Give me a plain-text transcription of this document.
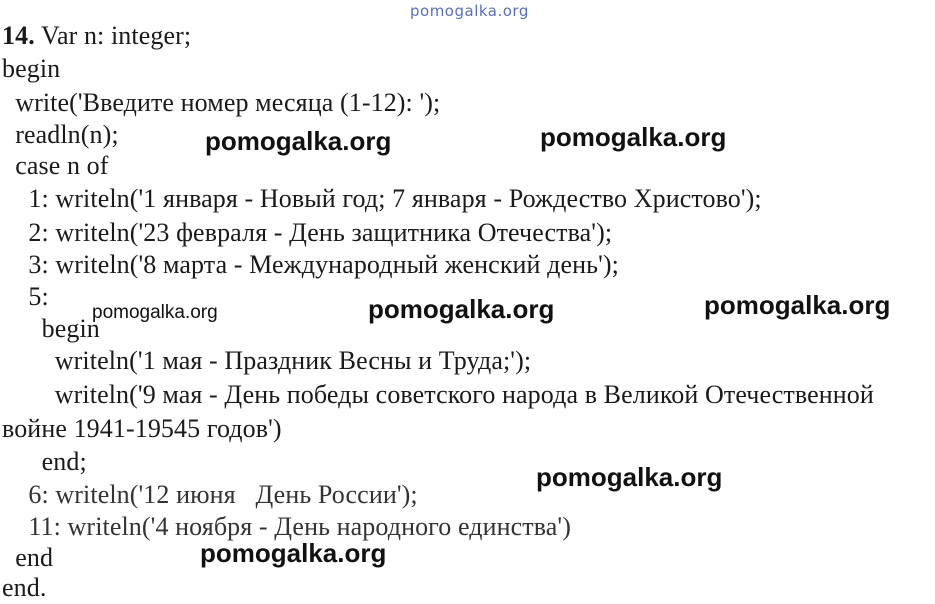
pomogalka.org
14. Var n: integer;
begin
write('Введите номер месяца (1-12): ');
readln(n);
case n of
1: writeln('1 января - Новый год; 7 января - Рождество Христово');
2: writeln('23 февраля - День защитника Отечества');
3: writeln('8 марта - Международный женский день');
5:
begin
writeln('1 мая - Праздник Весны и Труда;');
writeln('9 мая - День победы советского народа в Великой Отечественной
войне 1941-19545 годов')
end;
6: writeln('12 июня   День России');
11: writeln('4 ноября - День народного единства')
end
end.
pomogalka.org	pomogalka.org
pomogalka.org	pomogalka.org	pomogalka.org
pomogalka.org
pomogalka.org
